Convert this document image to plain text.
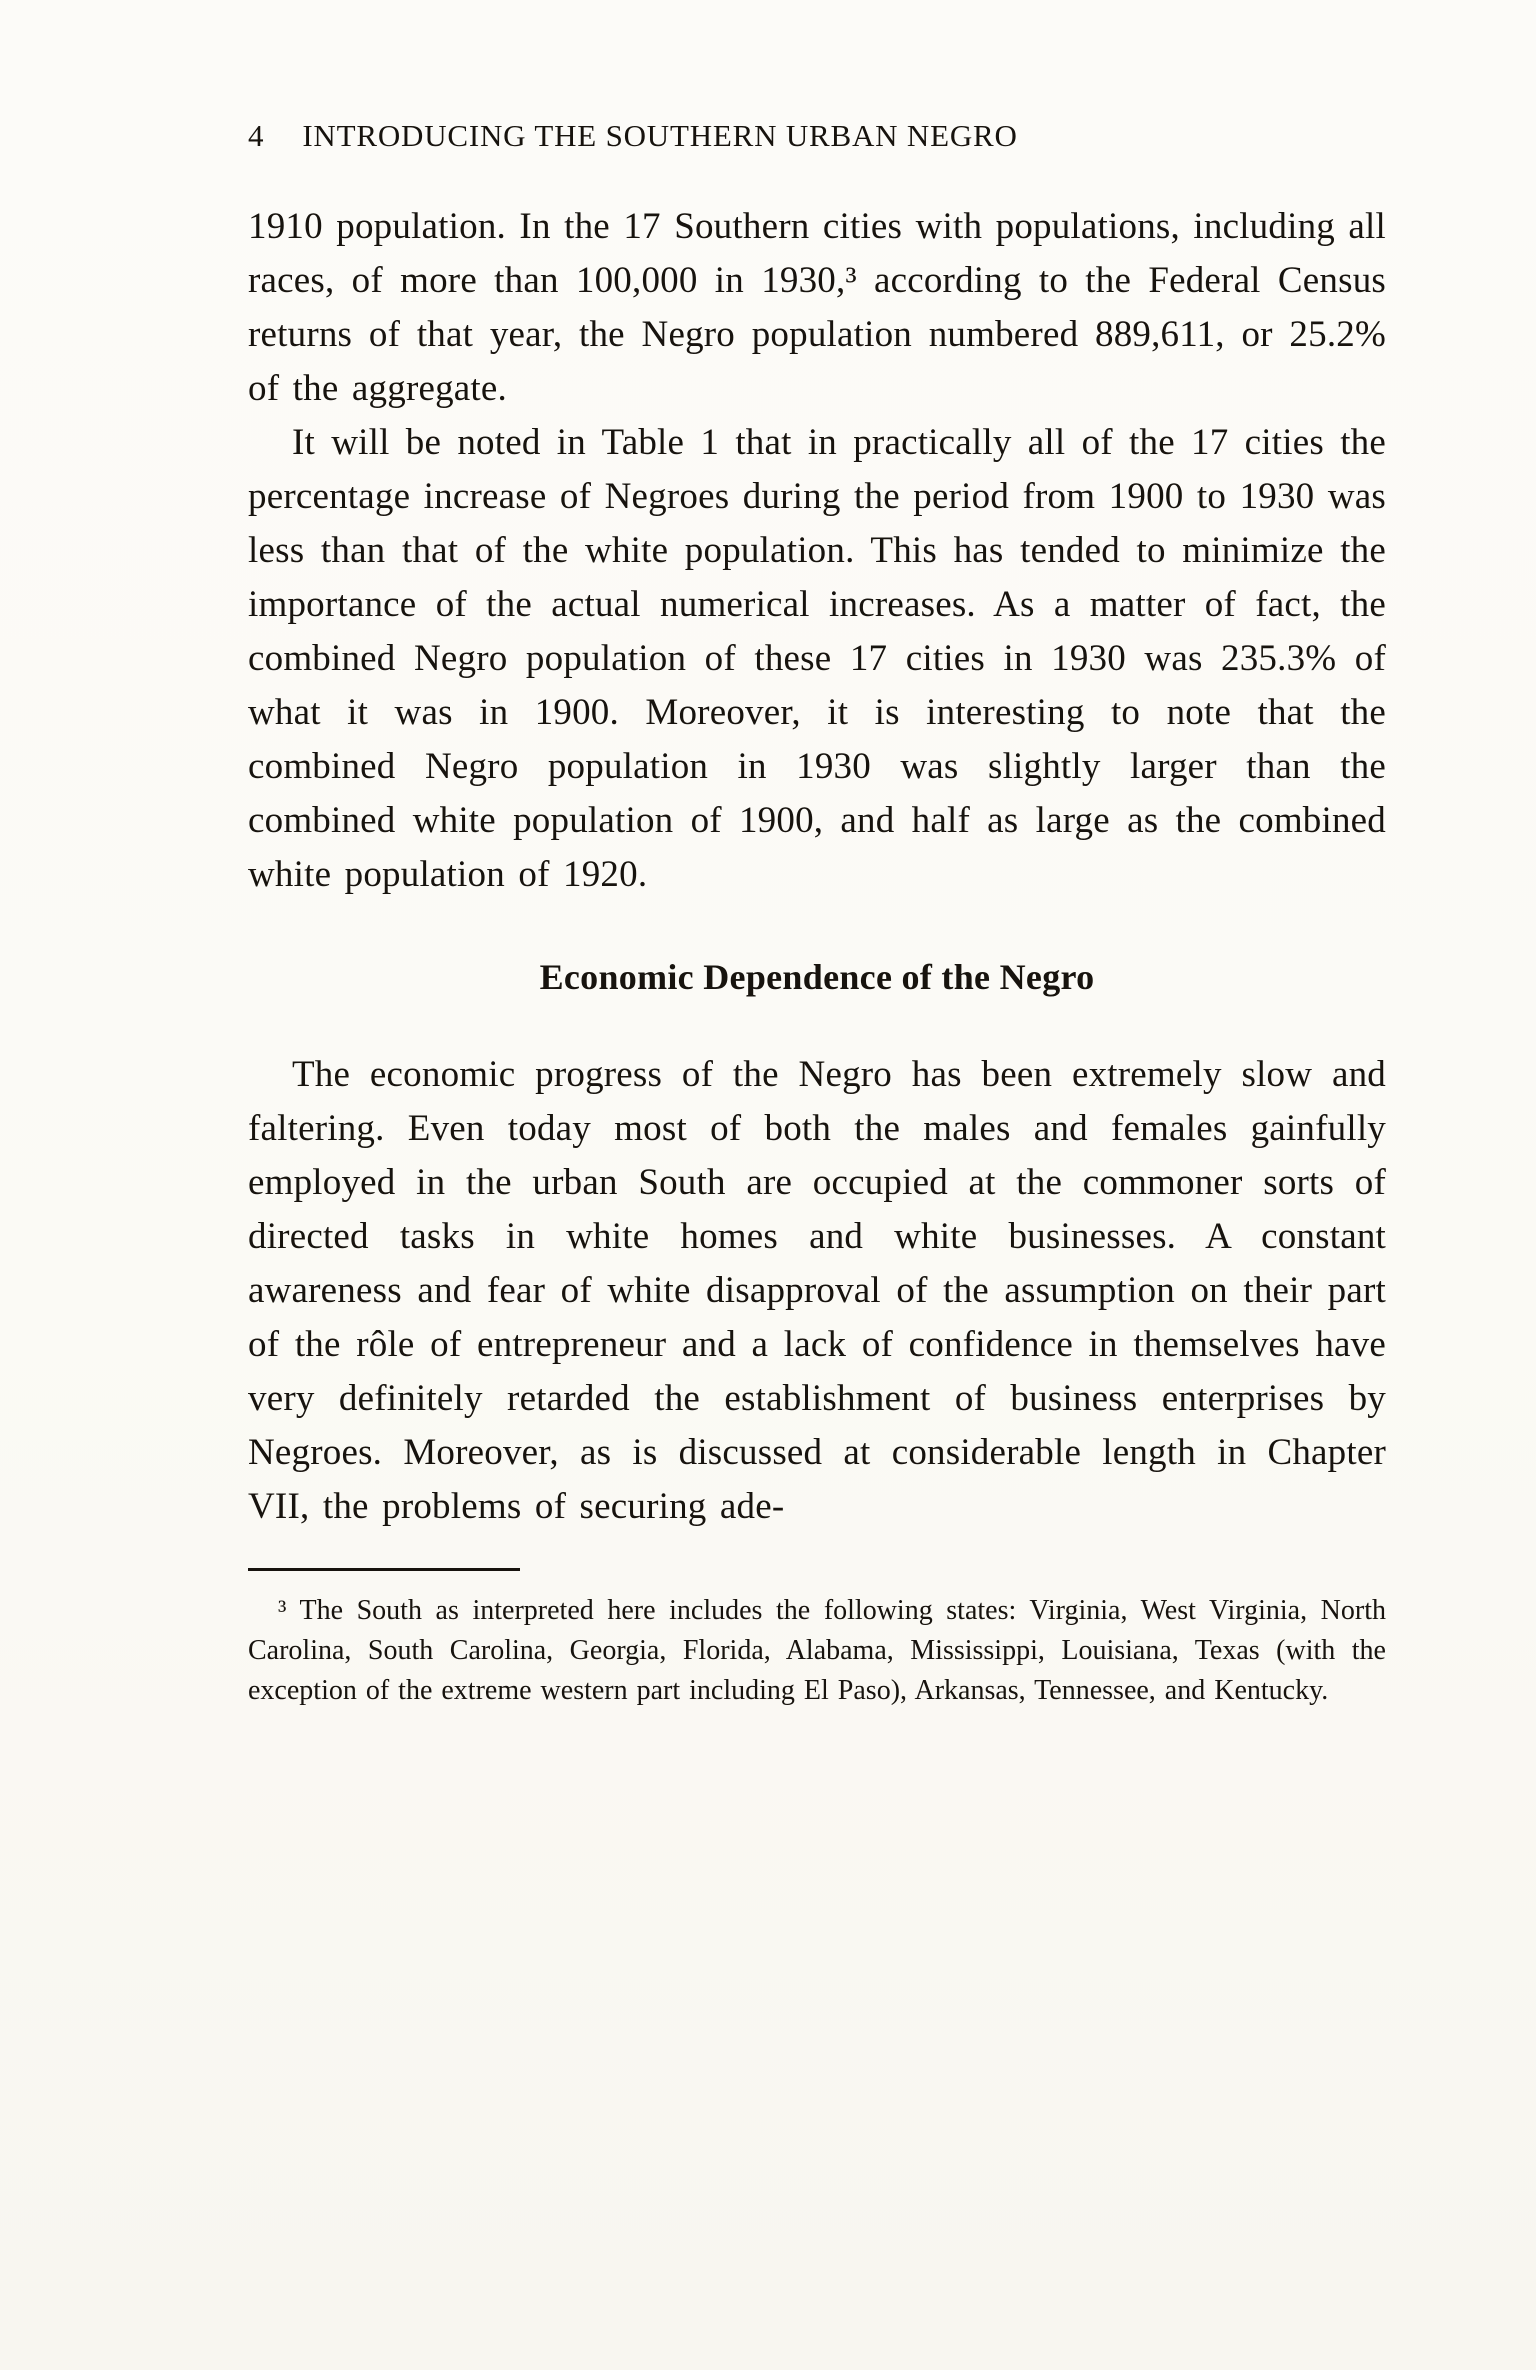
4 INTRODUCING THE SOUTHERN URBAN NEGRO

1910 population. In the 17 Southern cities with populations, including all races, of more than 100,000 in 1930,³ according to the Federal Census returns of that year, the Negro population numbered 889,611, or 25.2% of the aggregate.

It will be noted in Table 1 that in practically all of the 17 cities the percentage increase of Negroes during the period from 1900 to 1930 was less than that of the white population. This has tended to minimize the importance of the actual numerical increases. As a matter of fact, the combined Negro population of these 17 cities in 1930 was 235.3% of what it was in 1900. Moreover, it is interesting to note that the combined Negro population in 1930 was slightly larger than the combined white population of 1900, and half as large as the combined white population of 1920.

Economic Dependence of the Negro

The economic progress of the Negro has been extremely slow and faltering. Even today most of both the males and females gainfully employed in the urban South are occupied at the commoner sorts of directed tasks in white homes and white businesses. A constant awareness and fear of white disapproval of the assumption on their part of the rôle of entrepreneur and a lack of confidence in themselves have very definitely retarded the establishment of business enterprises by Negroes. Moreover, as is discussed at considerable length in Chapter VII, the problems of securing ade-

³ The South as interpreted here includes the following states: Virginia, West Virginia, North Carolina, South Carolina, Georgia, Florida, Alabama, Mississippi, Louisiana, Texas (with the exception of the extreme western part including El Paso), Arkansas, Tennessee, and Kentucky.
